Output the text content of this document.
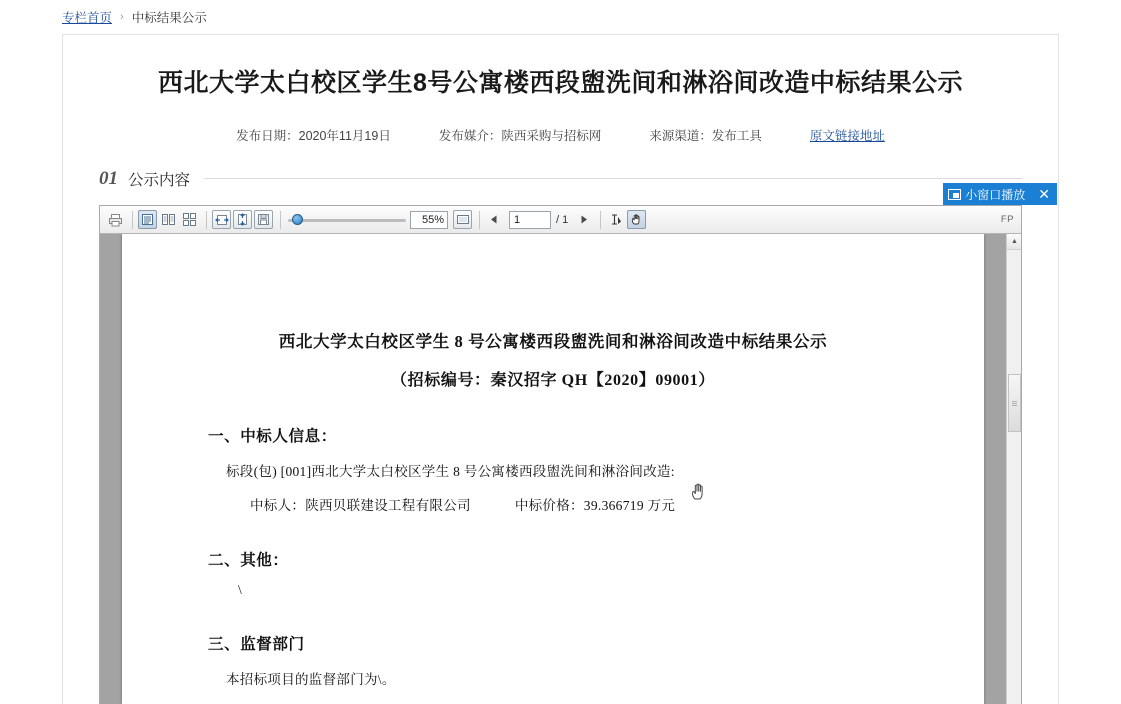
专栏首页 › 中标结果公示
西北大学太白校区学生8号公寓楼西段盥洗间和淋浴间改造中标结果公示
发布日期：2020年11月19日	发布媒介：陕西采购与招标网	来源渠道：发布工具	原文链接地址
01 公示内容
小窗口播放 ✕
55%	1	/ 1	FP
西北大学太白校区学生 8 号公寓楼西段盥洗间和淋浴间改造中标结果公示
（招标编号：秦汉招字 QH【2020】09001）
一、中标人信息：
标段(包) [001]西北大学太白校区学生 8 号公寓楼西段盥洗间和淋浴间改造:
中标人：陕西贝联建设工程有限公司	中标价格：39.366719 万元
二、其他：
\
三、监督部门
本招标项目的监督部门为\。
▲
